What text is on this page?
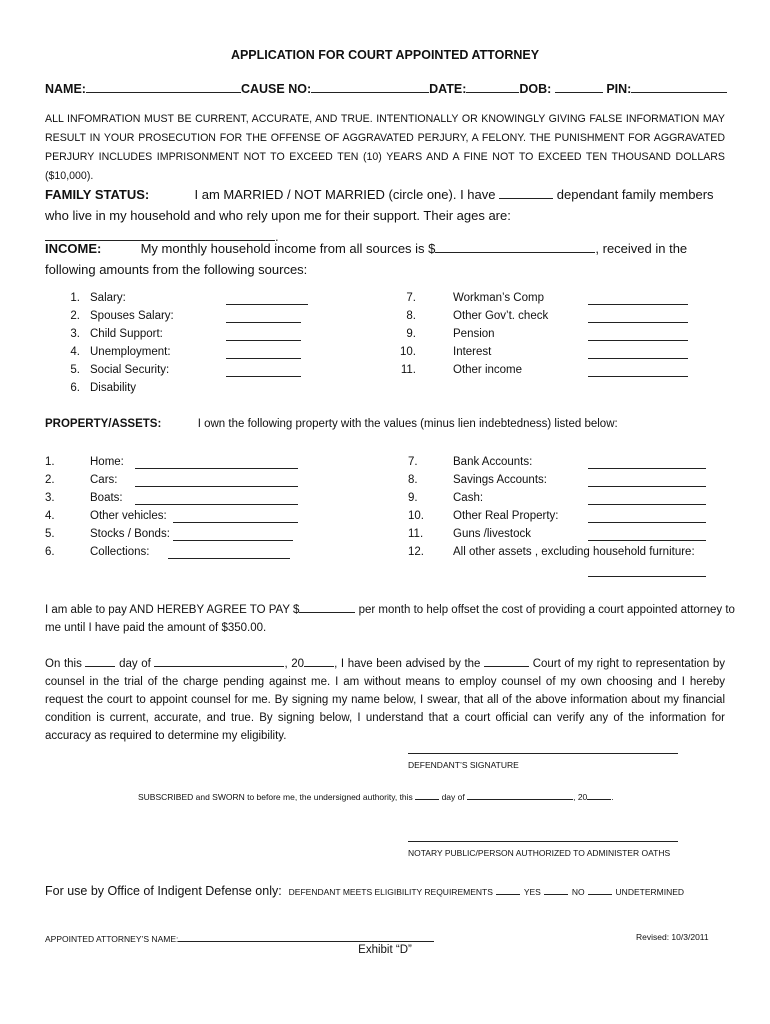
APPLICATION FOR COURT APPOINTED ATTORNEY
NAME:	CAUSE NO:	DATE:	DOB:	PIN:
ALL INFOMRATION MUST BE CURRENT, ACCURATE, AND TRUE. INTENTIONALLY OR KNOWINGLY GIVING FALSE INFORMATION MAY RESULT IN YOUR PROSECUTION FOR THE OFFENSE OF AGGRAVATED PERJURY, A FELONY. THE PUNISHMENT FOR AGGRAVATED PERJURY INCLUDES IMPRISONMENT NOT TO EXCEED TEN (10) YEARS AND A FINE NOT TO EXCEED TEN THOUSAND DOLLARS ($10,000).
FAMILY STATUS:	I am MARRIED / NOT MARRIED (circle one). I have	dependant family members who live in my household and who rely upon me for their support. Their ages are:.
INCOME:	My monthly household income from all sources is $	, received in the following amounts from the following sources:
1. Salary:
2. Spouses Salary:
3. Child Support:
4. Unemployment:
5. Social Security:
6. Disability
7.	Workman’s Comp
8.	Other Gov’t. check
9.	Pension
10.	Interest
11.	Other income
PROPERTY/ASSETS:	I own the following property with the values (minus lien indebtedness) listed below:
1.	Home:
2.	Cars:
3.	Boats:
4.	Other vehicles:
5.	Stocks / Bonds:
6.	Collections:
7.	Bank Accounts:
8.	Savings Accounts:
9.	Cash:
10.	Other Real Property:
11.	Guns /livestock
12.	All other assets , excluding household furniture:
I am able to pay AND HEREBY AGREE TO PAY $	per month to help offset the cost of providing a court appointed attorney to me until I have paid the amount of $350.00.
On this	day of	, 20	, I have been advised by the	Court of my right to representation by counsel in the trial of the charge pending against me. I am without means to employ counsel of my own choosing and I hereby request the court to appoint counsel for me. By signing my name below, I swear, that all of the above information about my financial condition is current, accurate, and true. By signing below, I understand that a court official can verify any of the information for accuracy as required to determine my eligibility.
DEFENDANT’S SIGNATURE
SUBSCRIBED and SWORN to before me, the undersigned authority, this	day of	, 20	.
NOTARY PUBLIC/PERSON AUTHORIZED TO ADMINISTER OATHS
For use by Office of Indigent Defense only: DEFENDANT MEETS ELIGIBILITY REQUIREMENTS	YES	NO	UNDETERMINED
APPOINTED ATTORNEY’S NAME:	Revised: 10/3/2011
Exhibit “D”
